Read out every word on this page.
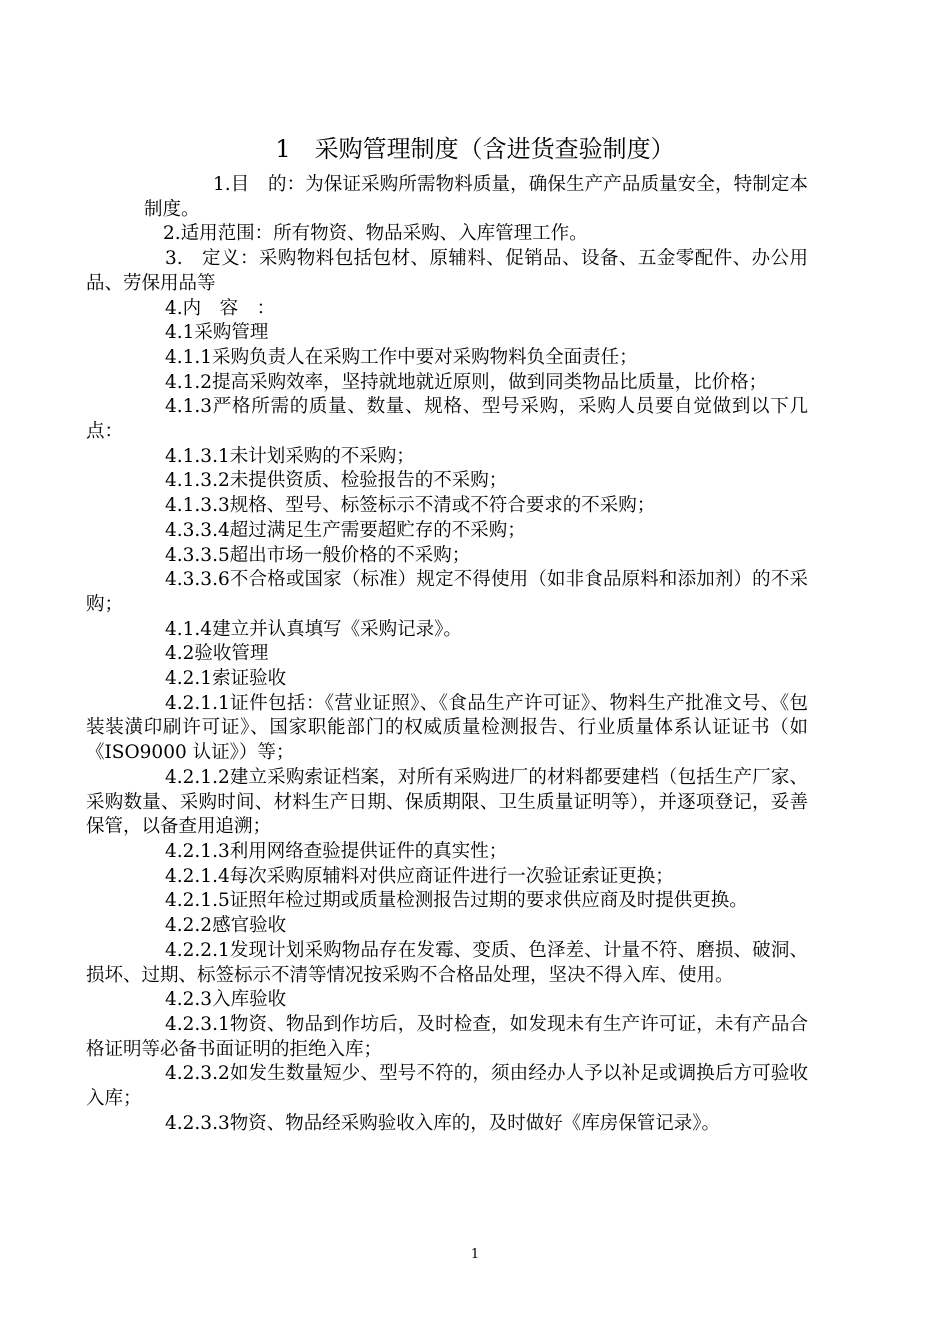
1　采购管理制度（含进货查验制度）

1.目　的：为保证采购所需物料质量，确保生产产品质量安全，特制定本制度。

2.适用范围：所有物资、物品采购、入库管理工作。

3.　定义：采购物料包括包材、原辅料、促销品、设备、五金零配件、办公用品、劳保用品等

4.内　容　：

4.1采购管理

4.1.1采购负责人在采购工作中要对采购物料负全面责任；

4.1.2提高采购效率，坚持就地就近原则，做到同类物品比质量，比价格；

4.1.3严格所需的质量、数量、规格、型号采购，采购人员要自觉做到以下几点：

4.1.3.1未计划采购的不采购；

4.1.3.2未提供资质、检验报告的不采购；

4.1.3.3规格、型号、标签标示不清或不符合要求的不采购；

4.3.3.4超过满足生产需要超贮存的不采购；

4.3.3.5超出市场一般价格的不采购；

4.3.3.6不合格或国家（标准）规定不得使用（如非食品原料和添加剂）的不采购；

4.1.4建立并认真填写《采购记录》。

4.2验收管理

4.2.1索证验收

4.2.1.1证件包括：《营业证照》、《食品生产许可证》、物料生产批准文号、《包装装潢印刷许可证》、国家职能部门的权威质量检测报告、行业质量体系认证证书（如《ISO9000 认证》）等；

4.2.1.2建立采购索证档案，对所有采购进厂的材料都要建档（包括生产厂家、采购数量、采购时间、材料生产日期、保质期限、卫生质量证明等），并逐项登记，妥善保管，以备查用追溯；

4.2.1.3利用网络查验提供证件的真实性；

4.2.1.4每次采购原辅料对供应商证件进行一次验证索证更换；

4.2.1.5证照年检过期或质量检测报告过期的要求供应商及时提供更换。

4.2.2感官验收

4.2.2.1发现计划采购物品存在发霉、变质、色泽差、计量不符、磨损、破洞、损坏、过期、标签标示不清等情况按采购不合格品处理，坚决不得入库、使用。

4.2.3入库验收

4.2.3.1物资、物品到作坊后，及时检查，如发现未有生产许可证，未有产品合格证明等必备书面证明的拒绝入库；

4.2.3.2如发生数量短少、型号不符的，须由经办人予以补足或调换后方可验收入库；

4.2.3.3物资、物品经采购验收入库的，及时做好《库房保管记录》。

1
